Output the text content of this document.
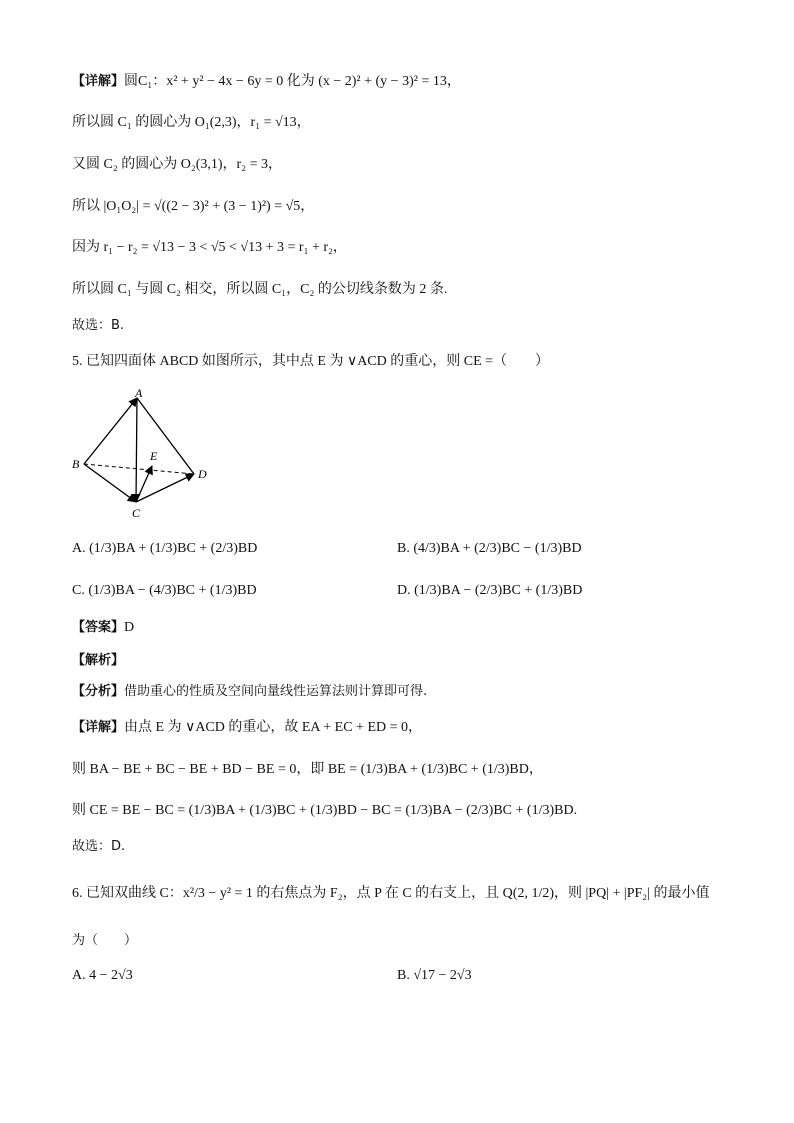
【详解】圆C₁：x² + y² − 4x − 6y = 0 化为 (x − 2)² + (y − 3)² = 13，
所以圆 C₁ 的圆心为 O₁(2,3)，r₁ = √13，
又圆 C₂ 的圆心为 O₂(3,1)，r₂ = 3，
所以 |O₁O₂| = √((2 − 3)² + (3 − 1)²) = √5，
因为 r₁ − r₂ = √13 − 3 < √5 < √13 + 3 = r₁ + r₂，
所以圆 C₁ 与圆 C₂ 相交，所以圆 C₁，C₂ 的公切线条数为 2 条.
故选：B.
5. 已知四面体 ABCD 如图所示，其中点 E 为 ∨ACD 的重心，则 CE =（　　）
A
B
C
D
E
A. (1/3)BA + (1/3)BC + (2/3)BD	B. (4/3)BA + (2/3)BC − (1/3)BD
C. (1/3)BA − (4/3)BC + (1/3)BD	D. (1/3)BA − (2/3)BC + (1/3)BD
【答案】D
【解析】
【分析】借助重心的性质及空间向量线性运算法则计算即可得.
【详解】由点 E 为 ∨ACD 的重心，故 EA + EC + ED = 0，
则 BA − BE + BC − BE + BD − BE = 0，即 BE = (1/3)BA + (1/3)BC + (1/3)BD，
则 CE = BE − BC = (1/3)BA + (1/3)BC + (1/3)BD − BC = (1/3)BA − (2/3)BC + (1/3)BD.
故选：D.
6. 已知双曲线 C：x²/3 − y² = 1 的右焦点为 F₂，点 P 在 C 的右支上，且 Q(2, 1/2)，则 |PQ| + |PF₂| 的最小值
为（　　）
A. 4 − 2√3	B. √17 − 2√3
